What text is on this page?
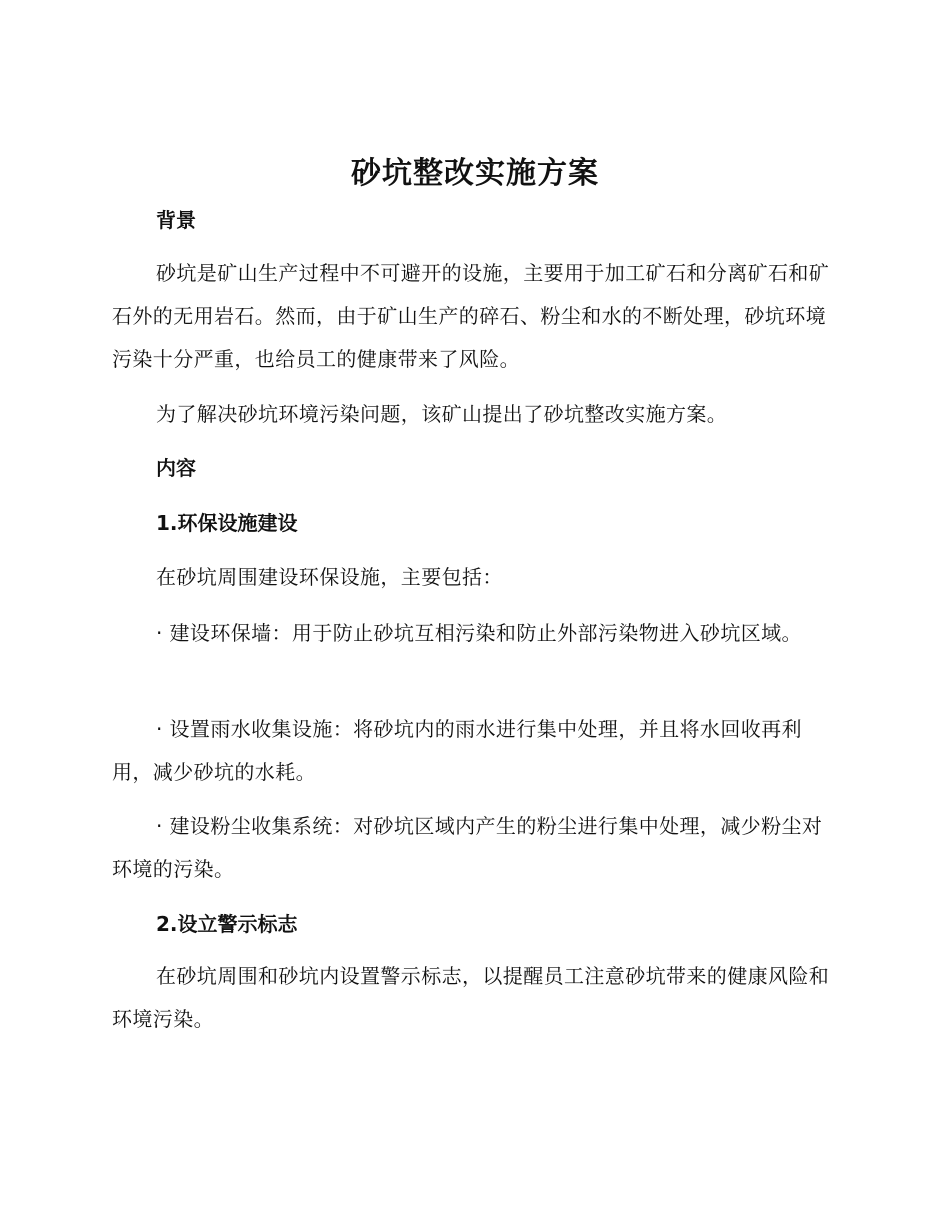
砂坑整改实施方案
背景
砂坑是矿山生产过程中不可避开的设施，主要用于加工矿石和分离矿石和矿石外的无用岩石。然而，由于矿山生产的碎石、粉尘和水的不断处理，砂坑环境污染十分严重，也给员工的健康带来了风险。
为了解决砂坑环境污染问题，该矿山提出了砂坑整改实施方案。
内容
1.环保设施建设
在砂坑周围建设环保设施，主要包括：
· 建设环保墙：用于防止砂坑互相污染和防止外部污染物进入砂坑区域。
· 设置雨水收集设施：将砂坑内的雨水进行集中处理，并且将水回收再利用，减少砂坑的水耗。
· 建设粉尘收集系统：对砂坑区域内产生的粉尘进行集中处理，减少粉尘对环境的污染。
2.设立警示标志
在砂坑周围和砂坑内设置警示标志，以提醒员工注意砂坑带来的健康风险和环境污染。
